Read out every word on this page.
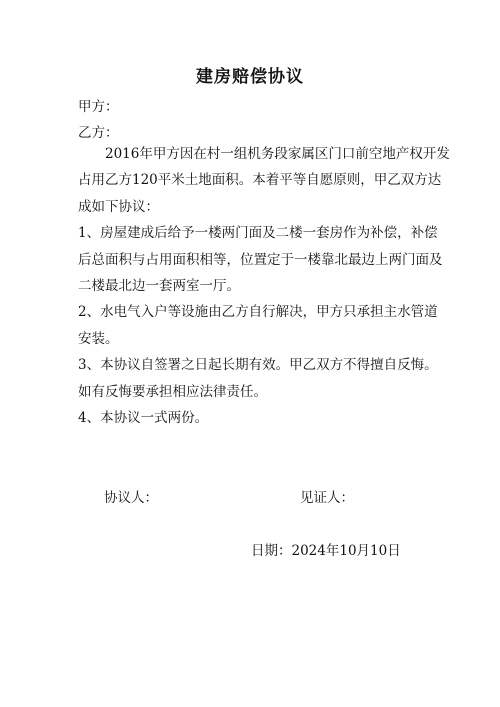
建房赔偿协议
甲方：
乙方：

2016年甲方因在村一组机务段家属区门口前空地产权开发占用乙方120平米土地面积。本着平等自愿原则，甲乙双方达成如下协议：

1、房屋建成后给予一楼两门面及二楼一套房作为补偿，补偿后总面积与占用面积相等，位置定于一楼靠北最边上两门面及二楼最北边一套两室一厅。

2、水电气入户等设施由乙方自行解决，甲方只承担主水管道安装。

3、本协议自签署之日起长期有效。甲乙双方不得擅自反悔。如有反悔要承担相应法律责任。

4、本协议一式两份。

协议人：	见证人：
日期：2024年10月10日
